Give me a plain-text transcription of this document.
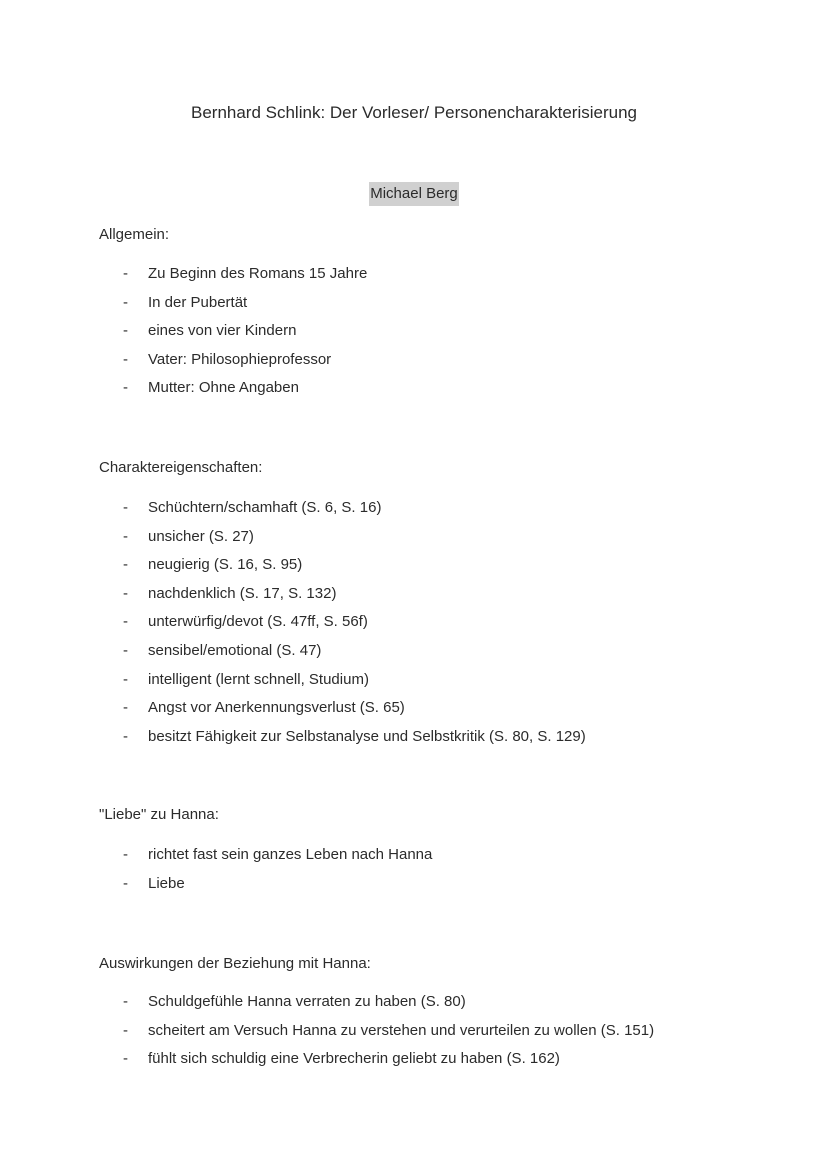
Bernhard Schlink: Der Vorleser/ Personencharakterisierung
Michael Berg
Allgemein:
- Zu Beginn des Romans 15 Jahre
- In der Pubertät
- eines von vier Kindern
- Vater: Philosophieprofessor
- Mutter: Ohne Angaben
Charaktereigenschaften:
- Schüchtern/schamhaft (S. 6, S. 16)
- unsicher (S. 27)
- neugierig (S. 16, S. 95)
- nachdenklich (S. 17, S. 132)
- unterwürfig/devot (S. 47ff, S. 56f)
- sensibel/emotional (S. 47)
- intelligent (lernt schnell, Studium)
- Angst vor Anerkennungsverlust (S. 65)
- besitzt Fähigkeit zur Selbstanalyse und Selbstkritik (S. 80, S. 129)
"Liebe" zu Hanna:
- richtet fast sein ganzes Leben nach Hanna
- Liebe
Auswirkungen der Beziehung mit Hanna:
- Schuldgefühle Hanna verraten zu haben (S. 80)
- scheitert am Versuch Hanna zu verstehen und verurteilen zu wollen (S. 151)
- fühlt sich schuldig eine Verbrecherin geliebt zu haben (S. 162)
